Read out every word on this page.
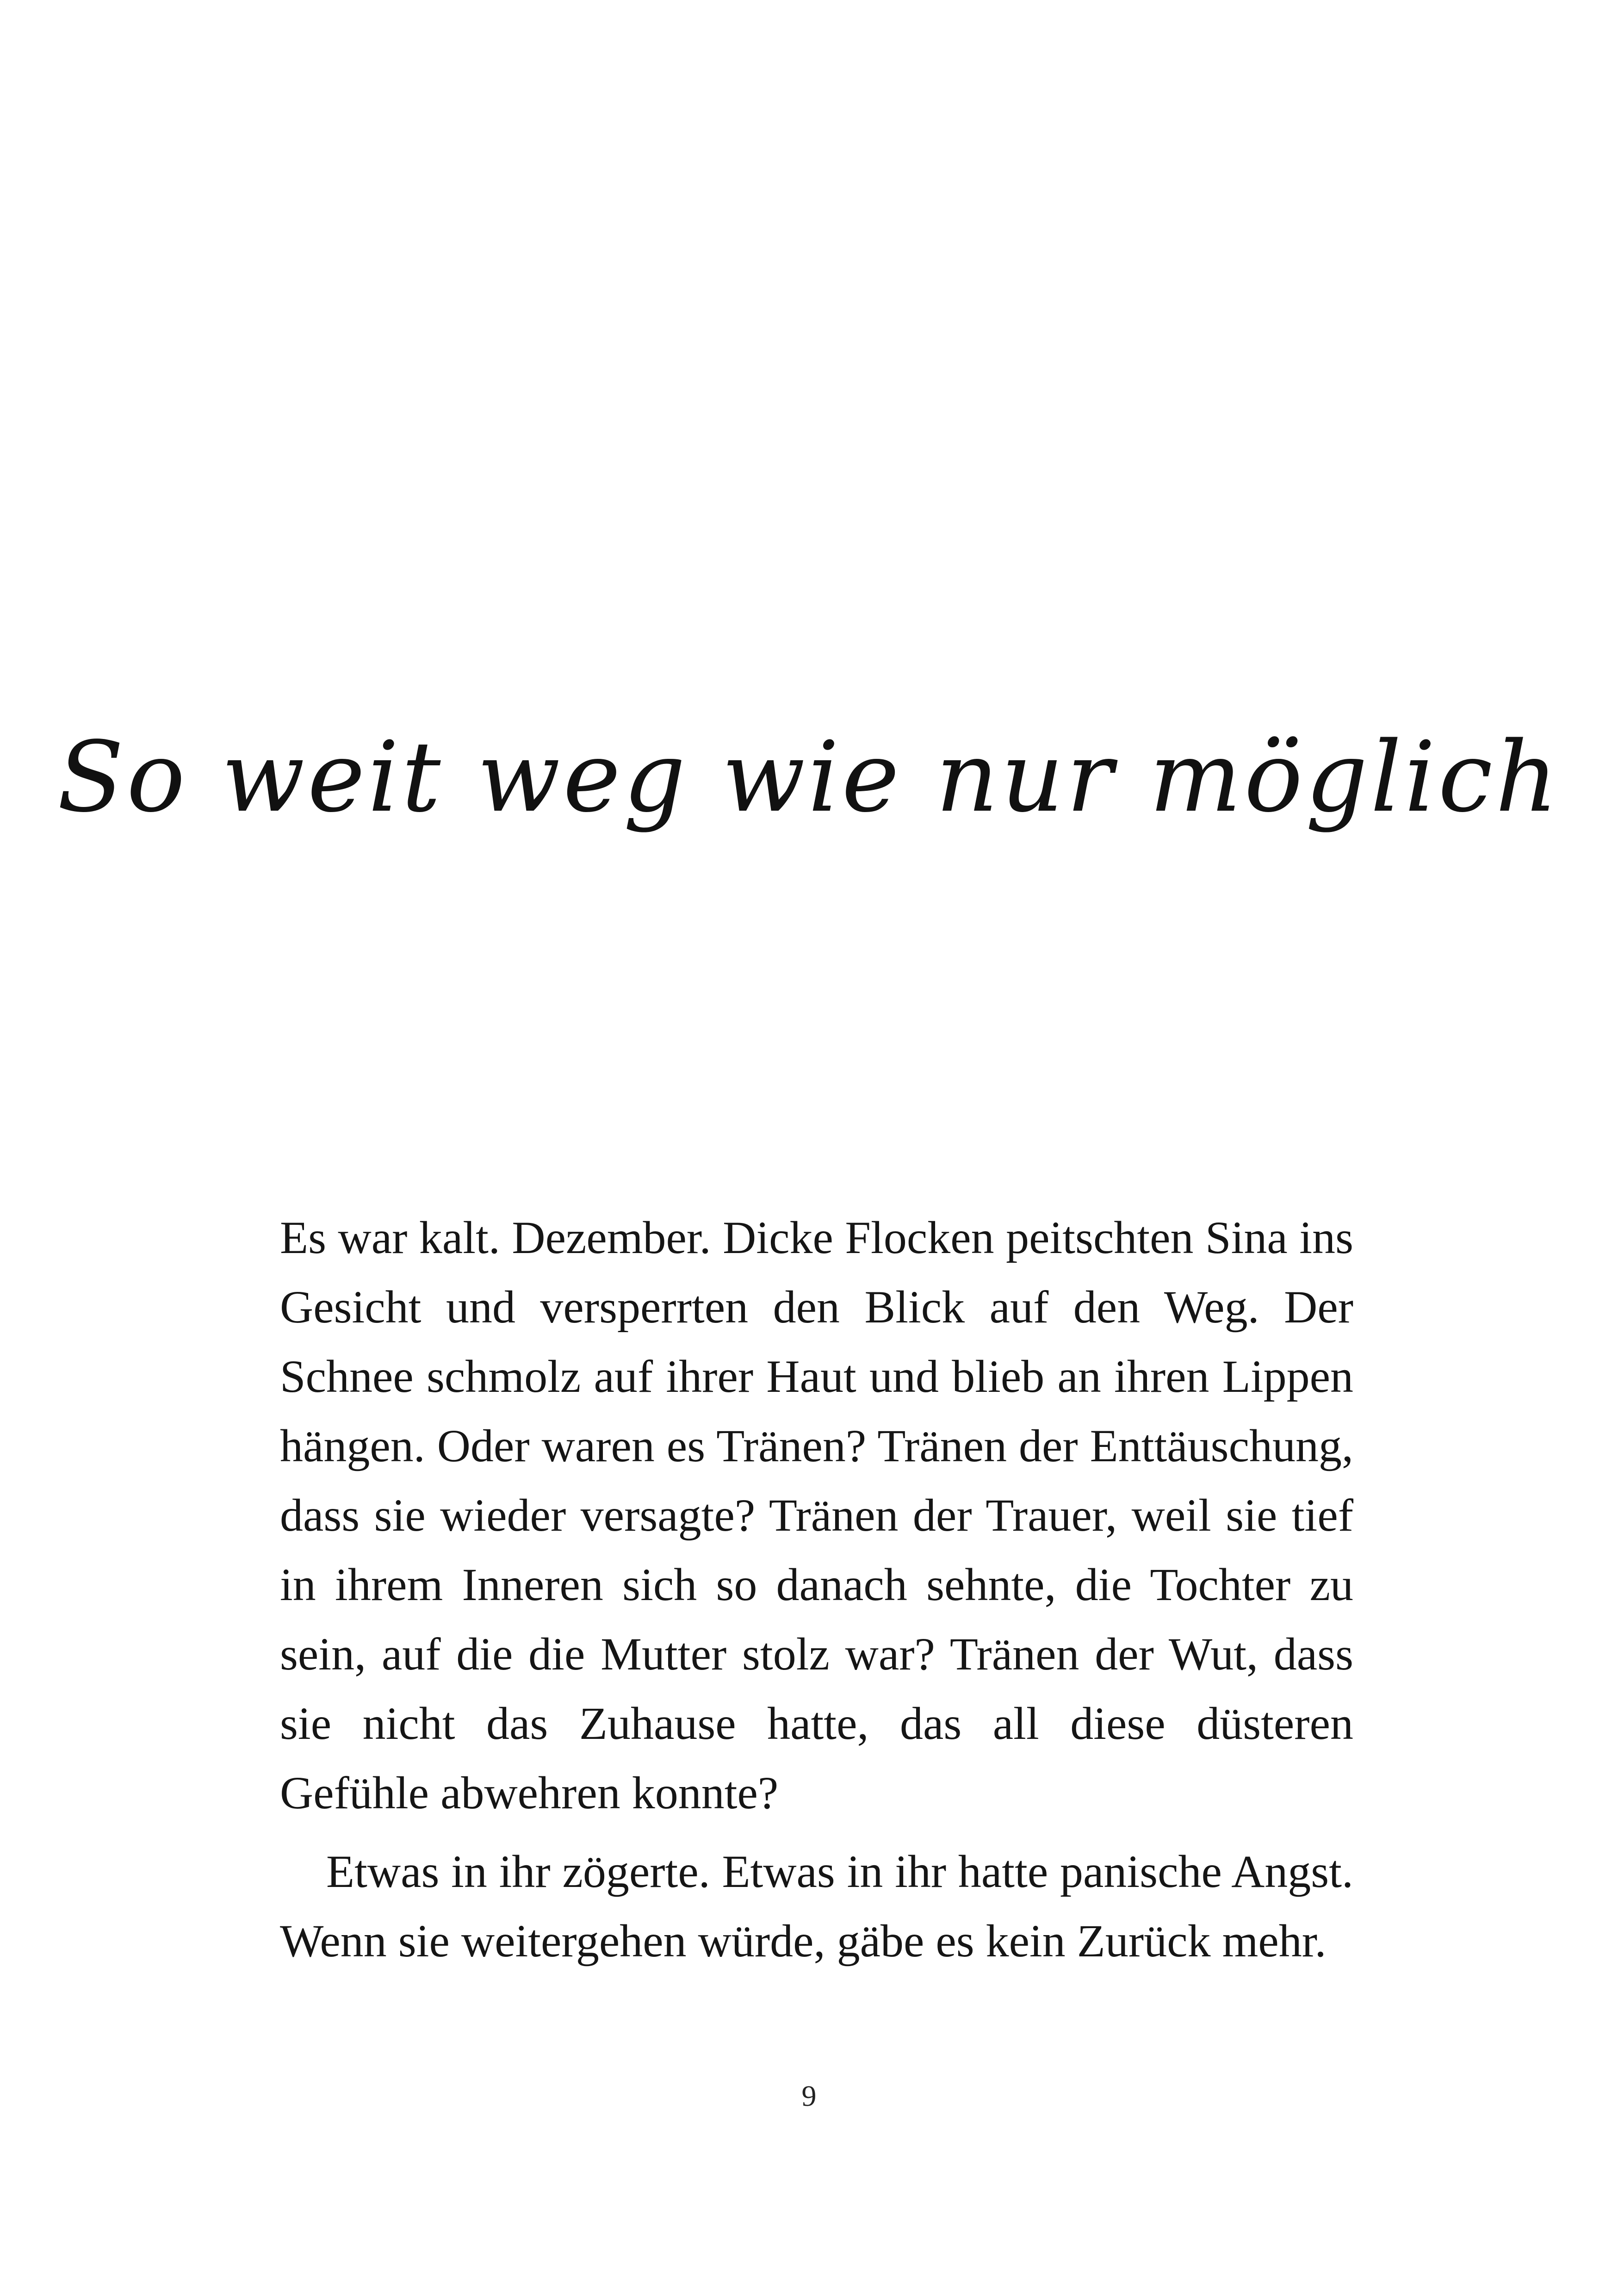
So weit weg wie nur möglich

Es war kalt. Dezember. Dicke Flocken peitschten Sina ins Gesicht und versperrten den Blick auf den Weg. Der Schnee schmolz auf ihrer Haut und blieb an ihren Lippen hängen. Oder waren es Tränen? Tränen der Enttäuschung, dass sie wieder versagte? Tränen der Trauer, weil sie tief in ihrem Inneren sich so danach sehnte, die Tochter zu sein, auf die die Mutter stolz war? Tränen der Wut, dass sie nicht das Zuhause hatte, das all diese düsteren Gefühle abwehren konnte?

Etwas in ihr zögerte. Etwas in ihr hatte panische Angst. Wenn sie weitergehen würde, gäbe es kein Zurück mehr.

9
